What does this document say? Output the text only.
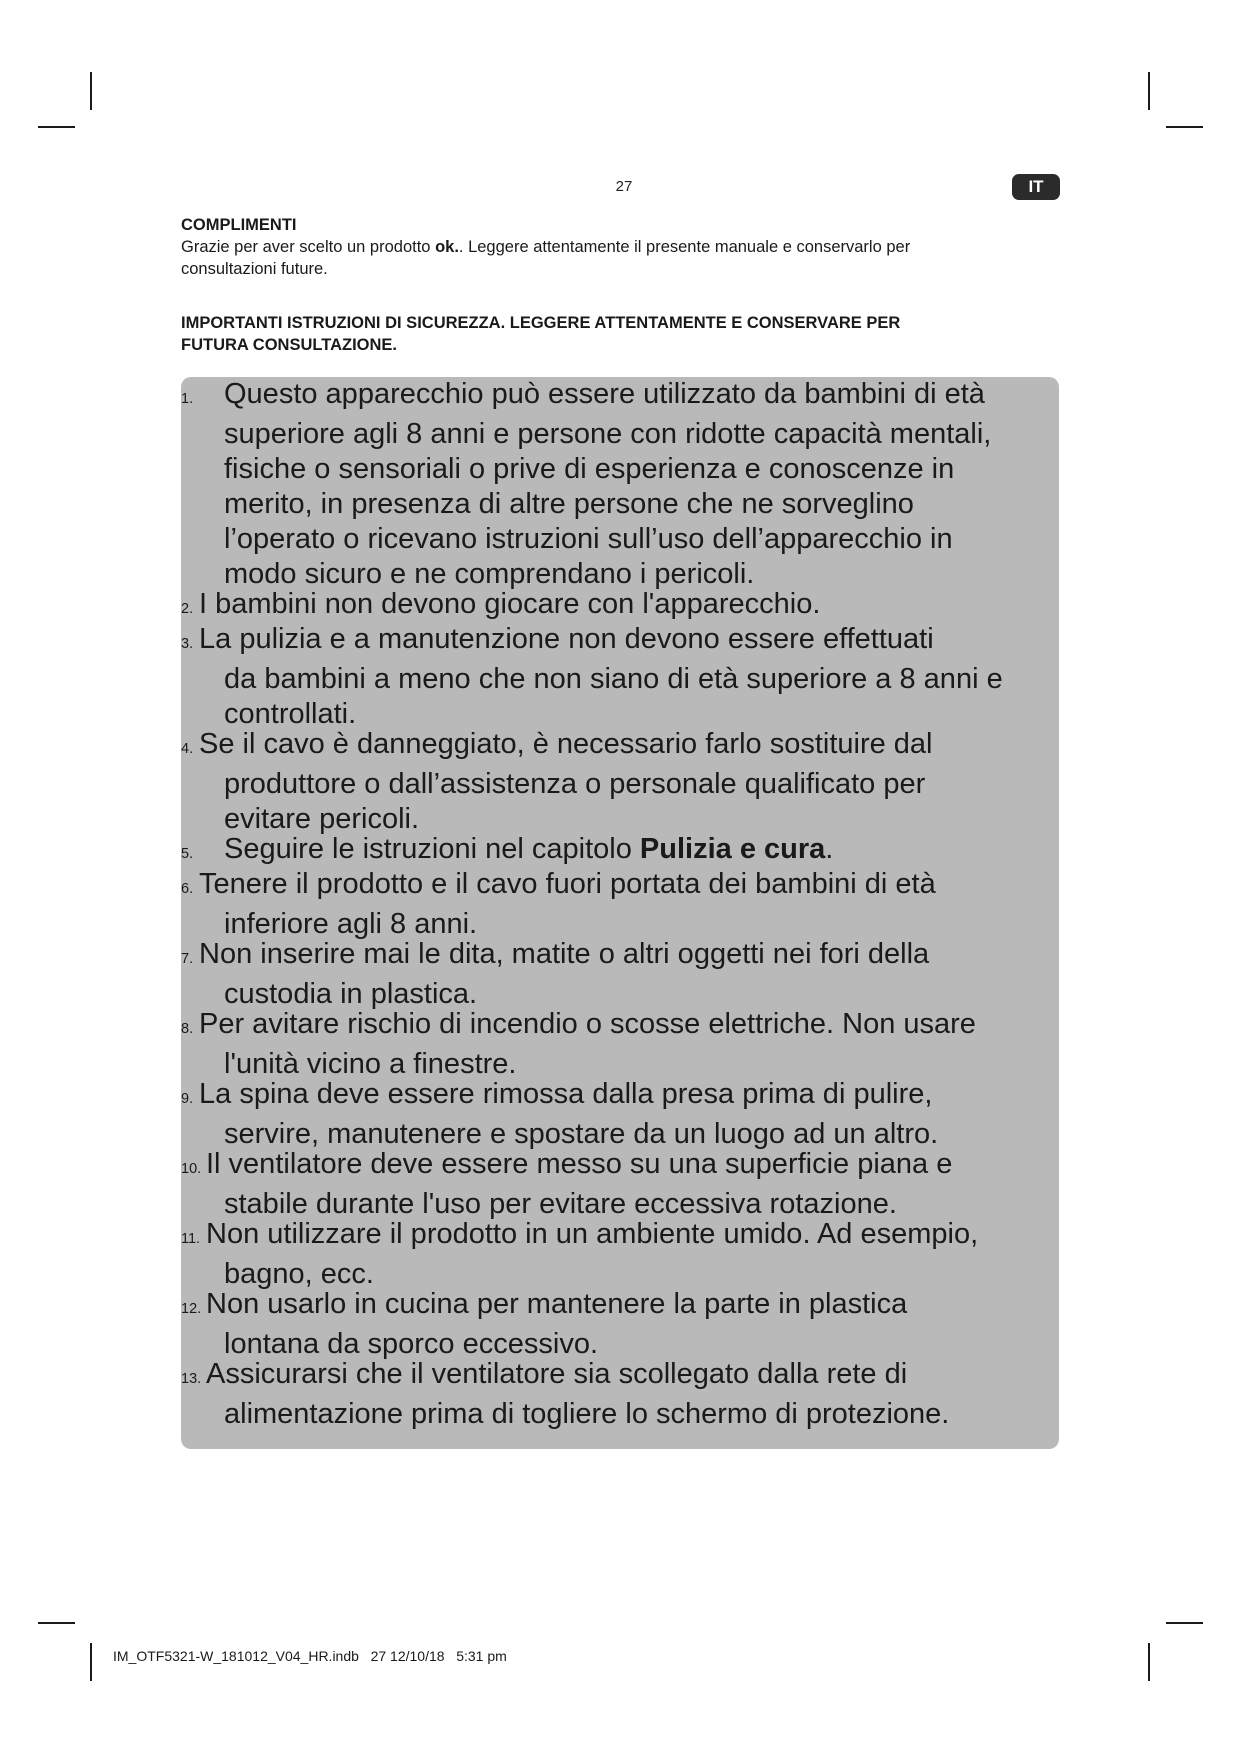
27	IT
COMPLIMENTI
Grazie per aver scelto un prodotto ok.. Leggere attentamente il presente manuale e conservarlo per
consultazioni future.
IMPORTANTI ISTRUZIONI DI SICUREZZA. LEGGERE ATTENTAMENTE E CONSERVARE PER
FUTURA CONSULTAZIONE.
1. Questo apparecchio può essere utilizzato da bambini di età
superiore agli 8 anni e persone con ridotte capacità mentali,
fisiche o sensoriali o prive di esperienza e conoscenze in
merito, in presenza di altre persone che ne sorveglino
l’operato o ricevano istruzioni sull’uso dell’apparecchio in
modo sicuro e ne comprendano i pericoli.
2. I bambini non devono giocare con l'apparecchio.
3. La pulizia e a manutenzione non devono essere effettuati
da bambini a meno che non siano di età superiore a 8 anni e
controllati.
4. Se il cavo è danneggiato, è necessario farlo sostituire dal
produttore o dall’assistenza o personale qualificato per
evitare pericoli.
5. Seguire le istruzioni nel capitolo Pulizia e cura.
6. Tenere il prodotto e il cavo fuori portata dei bambini di età
inferiore agli 8 anni.
7. Non inserire mai le dita, matite o altri oggetti nei fori della
custodia in plastica.
8. Per avitare rischio di incendio o scosse elettriche. Non usare
l'unità vicino a finestre.
9. La spina deve essere rimossa dalla presa prima di pulire,
servire, manutenere e spostare da un luogo ad un altro.
10. Il ventilatore deve essere messo su una superficie piana e
stabile durante l'uso per evitare eccessiva rotazione.
11. Non utilizzare il prodotto in un ambiente umido. Ad esempio,
bagno, ecc.
12. Non usarlo in cucina per mantenere la parte in plastica
lontana da sporco eccessivo.
13. Assicurarsi che il ventilatore sia scollegato dalla rete di
alimentazione prima di togliere lo schermo di protezione.
IM_OTF5321-W_181012_V04_HR.indb   27 12/10/18   5:31 pm
